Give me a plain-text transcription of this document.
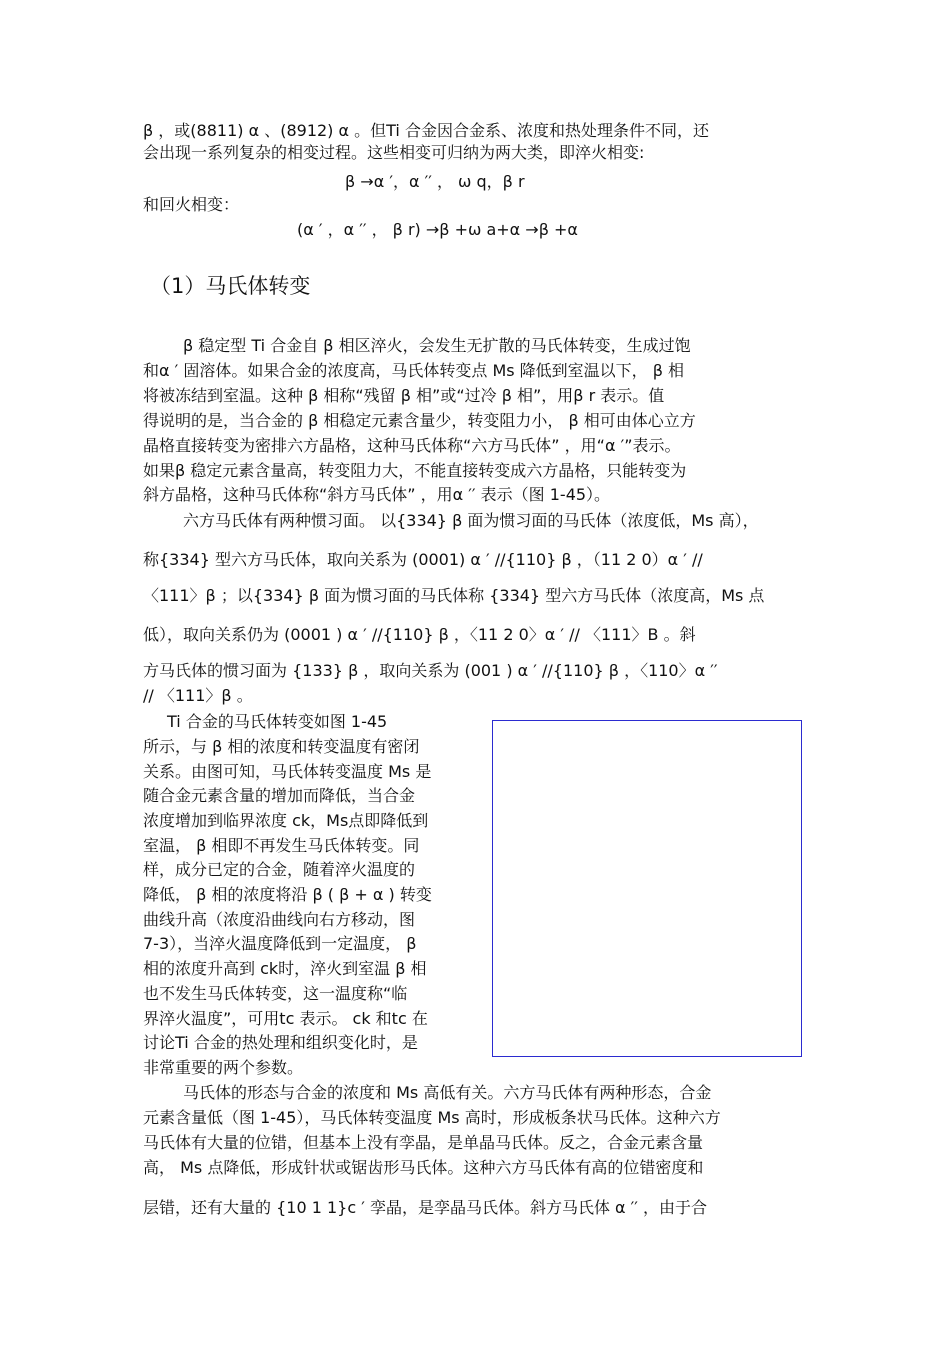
β ，或(8811) α 、(8912) α 。但Ti 合金因合金系、浓度和热处理条件不同，还
会出现一系列复杂的相变过程。这些相变可归纳为两大类，即淬火相变:
β →α ′，α ′′ ， ω q，β r
和回火相变：
(α ′ ，α ′′ ， β r) →β +ω a+α →β +α
（1）马氏体转变
β 稳定型 Ti 合金自 β 相区淬火，会发生无扩散的马氏体转变，生成过饱
和α ′ 固溶体。如果合金的浓度高，马氏体转变点 Ms 降低到室温以下， β 相
将被冻结到室温。这种 β 相称“残留 β 相”或“过冷 β 相”，用β r 表示。值
得说明的是，当合金的 β 相稳定元素含量少，转变阻力小， β 相可由体心立方
晶格直接转变为密排六方晶格，这种马氏体称“六方马氏体” ，用“α ′”表示。
如果β 稳定元素含量高，转变阻力大，不能直接转变成六方晶格，只能转变为
斜方晶格，这种马氏体称“斜方马氏体” ，用α ′′ 表示（图 1-45）。
六方马氏体有两种惯习面。 以{334} β 面为惯习面的马氏体（浓度低，Ms 高），
称{334} 型六方马氏体，取向关系为 (0001) α ′ //{110} β ，（11 2 0）α ′ //
〈111〉β ；以{334} β 面为惯习面的马氏体称 {334} 型六方马氏体（浓度高，Ms 点
低），取向关系仍为 (0001 ) α ′ //{110} β ，〈11 2 0〉α ′ // 〈111〉B 。斜
方马氏体的惯习面为 {133} β ，取向关系为 (001 ) α ′ //{110} β ，〈110〉α ′′
// 〈111〉β 。
Ti 合金的马氏体转变如图 1-45
所示，与 β 相的浓度和转变温度有密闭
关系。由图可知，马氏体转变温度 Ms 是
随合金元素含量的增加而降低，当合金
浓度增加到临界浓度 ck，Ms点即降低到
室温， β 相即不再发生马氏体转变。同
样，成分已定的合金，随着淬火温度的
降低， β 相的浓度将沿 β ( β + α ) 转变
曲线升高（浓度沿曲线向右方移动，图
7-3），当淬火温度降低到一定温度， β
相的浓度升高到 ck时，淬火到室温 β 相
也不发生马氏体转变，这一温度称“临
界淬火温度”，可用tc 表示。 ck 和tc 在
讨论Ti 合金的热处理和组织变化时，是
非常重要的两个参数。
马氏体的形态与合金的浓度和 Ms 高低有关。六方马氏体有两种形态，合金
元素含量低（图 1-45），马氏体转变温度 Ms 高时，形成板条状马氏体。这种六方
马氏体有大量的位错，但基本上没有孪晶，是单晶马氏体。反之，合金元素含量
高， Ms 点降低，形成针状或锯齿形马氏体。这种六方马氏体有高的位错密度和
层错，还有大量的 {10 1 1}c ′ 孪晶，是孪晶马氏体。斜方马氏体 α ′′ ，由于合
